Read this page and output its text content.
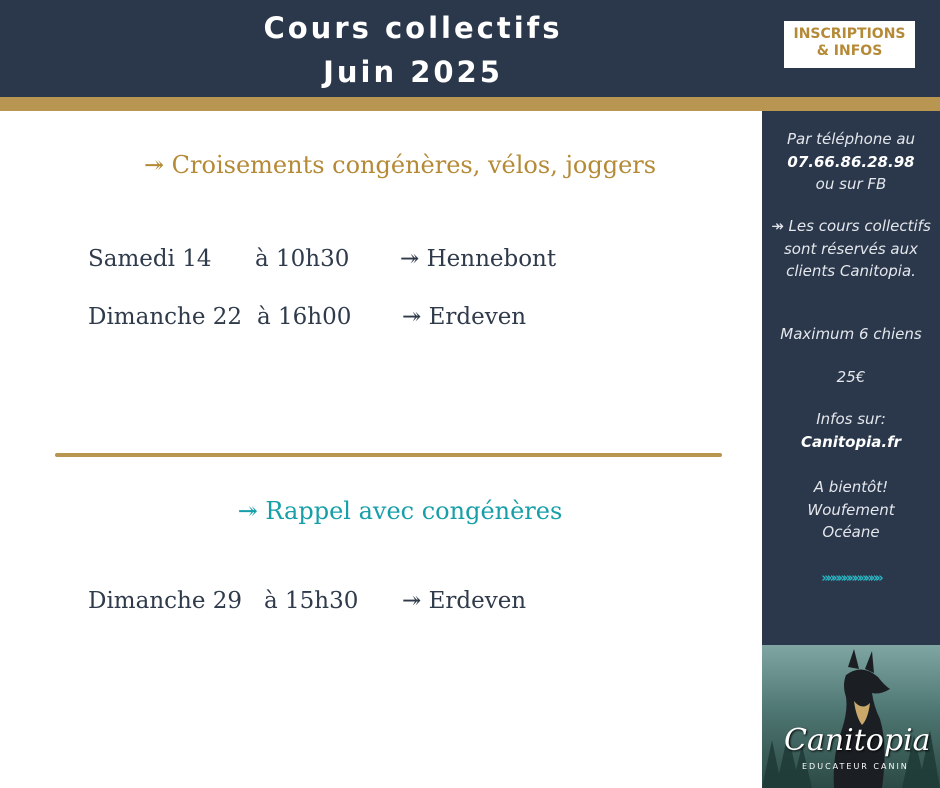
Cours collectifs
Juin 2025
INSCRIPTIONS
& INFOS
↠ Croisements congénères, vélos, joggers
Samedi 14 à 10h30 ↠ Hennebont
Dimanche 22 à 16h00 ↠ Erdeven
↠ Rappel avec congénères
Dimanche 29 à 15h30 ↠ Erdeven
Par téléphone au
07.66.86.28.98
ou sur FB
↠ Les cours collectifs
sont réservés aux
clients Canitopia.
Maximum 6 chiens
25€
Infos sur:
Canitopia.fr
A bientôt!
Woufement
Océane
»»»»»»»»»»»
Canitopia
EDUCATEUR CANIN
